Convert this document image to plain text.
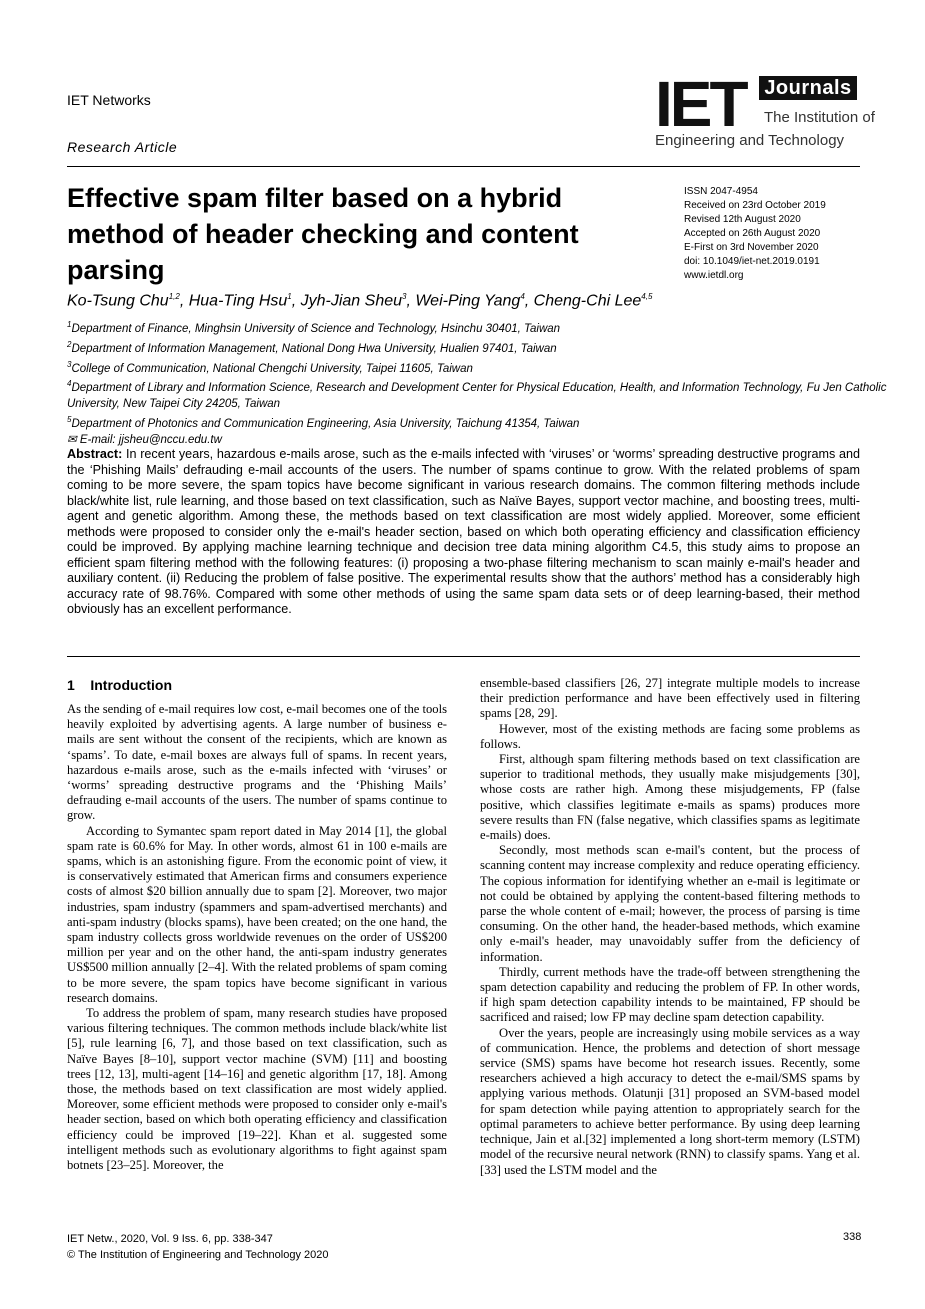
IET Networks
Research Article
IET Journals
The Institution of
Engineering and Technology
Effective spam filter based on a hybrid method of header checking and content parsing
ISSN 2047-4954
Received on 23rd October 2019
Revised 12th August 2020
Accepted on 26th August 2020
E-First on 3rd November 2020
doi: 10.1049/iet-net.2019.0191
www.ietdl.org
Ko-Tsung Chu$^{1,2}$, Hua-Ting Hsu$^1$, Jyh-Jian Sheu$^3$, Wei-Ping Yang$^4$, Cheng-Chi Lee$^{4,5}$
$^1$Department of Finance, Minghsin University of Science and Technology, Hsinchu 30401, Taiwan
$^2$Department of Information Management, National Dong Hwa University, Hualien 97401, Taiwan
$^3$College of Communication, National Chengchi University, Taipei 11605, Taiwan
$^4$Department of Library and Information Science, Research and Development Center for Physical Education, Health, and Information Technology, Fu Jen Catholic University, New Taipei City 24205, Taiwan
$^5$Department of Photonics and Communication Engineering, Asia University, Taichung 41354, Taiwan
✉ E-mail: jjsheu@nccu.edu.tw
Abstract: In recent years, hazardous e-mails arose, such as the e-mails infected with ‘viruses’ or ‘worms’ spreading destructive programs and the ‘Phishing Mails’ defrauding e-mail accounts of the users. The number of spams continue to grow. With the related problems of spam coming to be more severe, the spam topics have become significant in various research domains. The common filtering methods include black/white list, rule learning, and those based on text classification, such as Naïve Bayes, support vector machine, and boosting trees, multi-agent and genetic algorithm. Among these, the methods based on text classification are most widely applied. Moreover, some efficient methods were proposed to consider only the e-mail's header section, based on which both operating efficiency and classification efficiency could be improved. By applying machine learning technique and decision tree data mining algorithm C4.5, this study aims to propose an efficient spam filtering method with the following features: (i) proposing a two-phase filtering mechanism to scan mainly e-mail's header and auxiliary content. (ii) Reducing the problem of false positive. The experimental results show that the authors’ method has a considerably high accuracy rate of 98.76%. Compared with some other methods of using the same spam data sets or of deep learning-based, their method obviously has an excellent performance.
1 Introduction

As the sending of e-mail requires low cost, e-mail becomes one of the tools heavily exploited by advertising agents. A large number of business e-mails are sent without the consent of the recipients, which are known as ‘spams’. To date, e-mail boxes are always full of spams. In recent years, hazardous e-mails arose, such as the e-mails infected with ‘viruses’ or ‘worms’ spreading destructive programs and the ‘Phishing Mails’ defrauding e-mail accounts of the users. The number of spams continue to grow.

According to Symantec spam report dated in May 2014 [1], the global spam rate is 60.6% for May. In other words, almost 61 in 100 e-mails are spams, which is an astonishing figure. From the economic point of view, it is conservatively estimated that American firms and consumers experience costs of almost $20 billion annually due to spam [2]. Moreover, two major industries, spam industry (spammers and spam-advertised merchants) and anti-spam industry (blocks spams), have been created; on the one hand, the spam industry collects gross worldwide revenues on the order of US$200 million per year and on the other hand, the anti-spam industry generates US$500 million annually [2–4]. With the related problems of spam coming to be more severe, the spam topics have become significant in various research domains.

To address the problem of spam, many research studies have proposed various filtering techniques. The common methods include black/white list [5], rule learning [6, 7], and those based on text classification, such as Naïve Bayes [8–10], support vector machine (SVM) [11] and boosting trees [12, 13], multi-agent [14–16] and genetic algorithm [17, 18]. Among those, the methods based on text classification are most widely applied. Moreover, some efficient methods were proposed to consider only e-mail's header section, based on which both operating efficiency and classification efficiency could be improved [19–22]. Khan et al. suggested some intelligent methods such as evolutionary algorithms to fight against spam botnets [23–25]. Moreover, the

ensemble-based classifiers [26, 27] integrate multiple models to increase their prediction performance and have been effectively used in filtering spams [28, 29].

However, most of the existing methods are facing some problems as follows.

First, although spam filtering methods based on text classification are superior to traditional methods, they usually make misjudgements [30], whose costs are rather high. Among these misjudgements, FP (false positive, which classifies legitimate e-mails as spams) produces more severe results than FN (false negative, which classifies spams as legitimate e-mails) does.

Secondly, most methods scan e-mail's content, but the process of scanning content may increase complexity and reduce operating efficiency. The copious information for identifying whether an e-mail is legitimate or not could be obtained by applying the content-based filtering methods to parse the whole content of e-mail; however, the process of parsing is time consuming. On the other hand, the header-based methods, which examine only e-mail's header, may unavoidably suffer from the deficiency of information.

Thirdly, current methods have the trade-off between strengthening the spam detection capability and reducing the problem of FP. In other words, if high spam detection capability intends to be maintained, FP should be sacrificed and raised; low FP may decline spam detection capability.

Over the years, people are increasingly using mobile services as a way of communication. Hence, the problems and detection of short message service (SMS) spams have become hot research issues. Recently, some researchers achieved a high accuracy to detect the e-mail/SMS spams by applying various methods. Olatunji [31] proposed an SVM-based model for spam detection while paying attention to appropriately search for the optimal parameters to achieve better performance. By using deep learning technique, Jain et al.[32] implemented a long short-term memory (LSTM) model of the recursive neural network (RNN) to classify spams. Yang et al.[33] used the LSTM model and the

IET Netw., 2020, Vol. 9 Iss. 6, pp. 338-347
© The Institution of Engineering and Technology 2020
338
